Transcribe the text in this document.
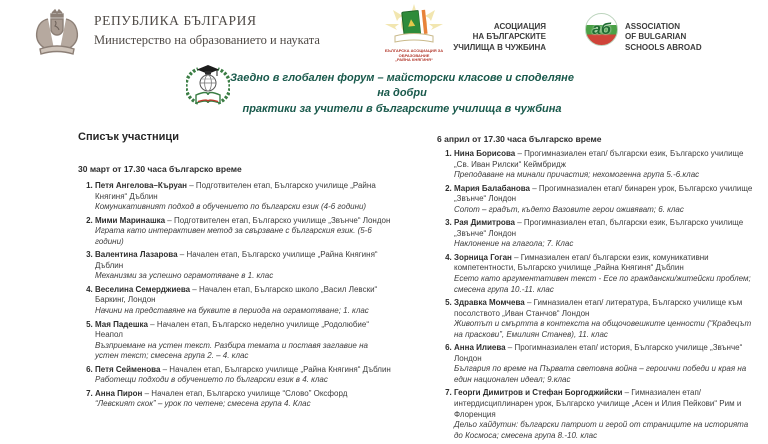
РЕПУБЛИКА БЪЛГАРИЯ
Министерство на образованието и науката
БЪЛГАРСКА АСОЦИАЦИЯ ЗА ОБРАЗОВАНИЕ
„РАЙНА КНЯГИНЯ“
АСОЦИАЦИЯ
НА БЪЛГАРСКИТЕ
УЧИЛИЩА В ЧУЖБИНА
аб ASSOCIATION
OF BULGARIAN
SCHOOLS ABROAD
Заедно в глобален форум – майсторски класове и споделяне на добри
практики за учители в българските училища в чужбина
Списък участници
30 март от 17.30 часа българско време
1. Петя Ангелова–Къруан – Подготвителен етап, Българско училище „Райна Княгиня“ Дъблин
Комуникативният подход в обучението по български език (4-6 години)
2. Мими Маринашка – Подготвителен етап, Българско училище „Звънче“ Лондон
Играта като интерактивен метод за свързване с българския език. (5-6 години)
3. Валентина Лазарова – Начален етап, Българско училище „Райна Княгиня“ Дъблин
Механизми за успешно ограмотяване в 1. клас
4. Веселина Семерджиева – Начален етап, Българско школо „Васил Левски“ Баркинг, Лондон
Начини на представяне на буквите в периода на ограмотяване; 1. клас
5. Мая Падешка – Начален етап, Българско неделно училище „Родолюбие“ Неапол
Възприемане на устен текст. Разбира темата и поставя заглавие на устен текст; смесена група 2. – 4. клас
6. Петя Сейменова – Начален етап, Българско училище „Райна Княгиня“ Дъблин
Работещи подходи в обучението по български език в 4. клас
7. Анна Пирон – Начален етап, Българско училище “Слово” Оксфорд
“Левският скок” – урок по четене; смесена група 4. Клас
6 април от 17.30 часа българско време
1. Нина Борисова – Прогимназиален етап/ български език, Българско училище „Св. Иван Рилски“ Кеймбридж
Преподаване на минали причастия; нехомогенна група 5.-6.клас
2. Мария Балабанова – Прогимназиален етап/ бинарен урок, Българско училище „Звънче“ Лондон
Сопот – градът, където Вазовите герои оживяват; 6. клас
3. Рая Димитрова – Прогимназиален етап, български език, Българско училище „Звънче“ Лондон
Наклонение на глагола; 7. Клас
4. Зорница Гоган – Гимназиален етап/ български език, комуникативни компетентности, Българско училище „Райна Княгиня“ Дъблин
Есето като аргументативен текст - Есе по граждански/житейски проблем; смесена група 10.-11. клас
5. Здравка Момчева – Гимназиален етап/ литература, Българско училище към посолството „Иван Станчов“ Лондон
Животът и смъртта в контекста на общочовешките ценности (“Крадецът на праскови”, Емилиян Станев), 11. клас
6. Анна Илиева – Прогимназиален етап/ история, Българско училище „Звънче“ Лондон
България по време на Първата световна война – героични победи и края на един национален идеал; 9.клас
7. Георги Димитров и Стефан Боргоджийски – Гимназиален етап/ интердисциплинарен урок, Българско училище „Асен и Илия Пейкови“ Рим и Флоренция
Дельо хайдутин: български патриот и герой от страниците на историята до Космоса; смесена група 8.-10. клас
